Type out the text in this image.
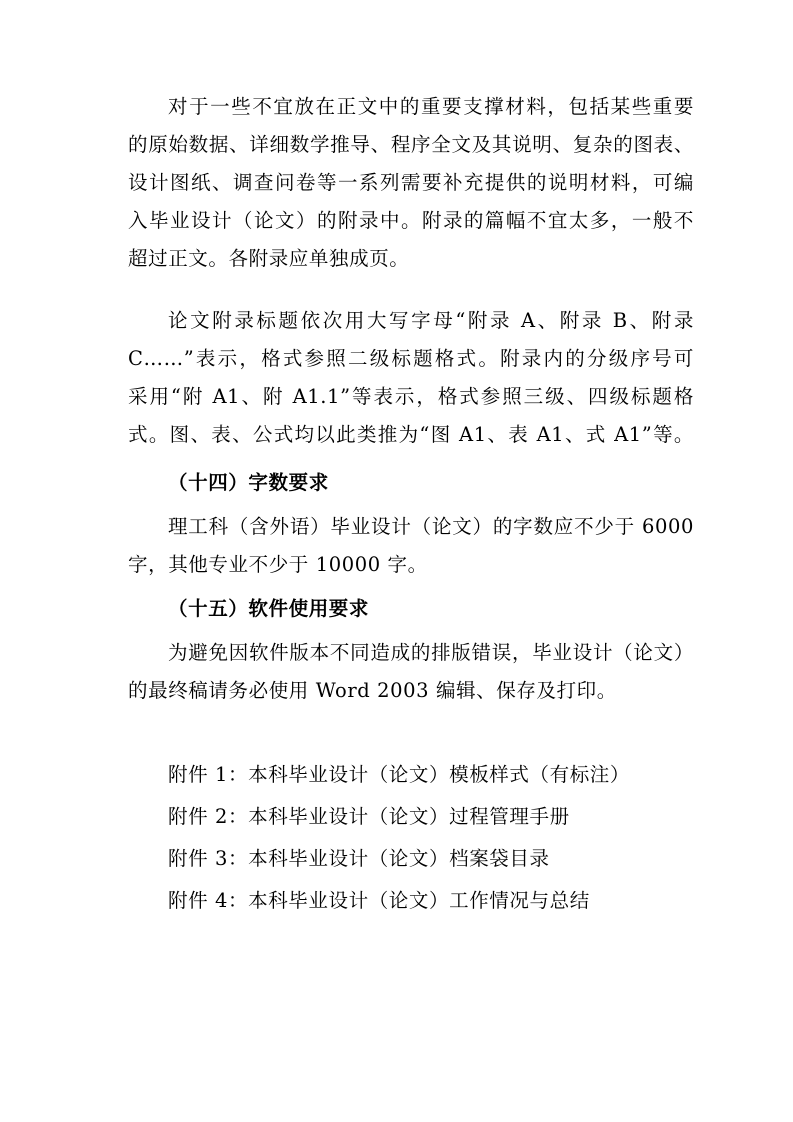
对于一些不宜放在正文中的重要支撑材料，包括某些重要
的原始数据、详细数学推导、程序全文及其说明、复杂的图表、
设计图纸、调查问卷等一系列需要补充提供的说明材料，可编
入毕业设计（论文）的附录中。附录的篇幅不宜太多，一般不
超过正文。各附录应单独成页。
论文附录标题依次用大写字母“附录 A、附录 B、附录
C……”表示，格式参照二级标题格式。附录内的分级序号可
采用“附 A1、附 A1.1”等表示，格式参照三级、四级标题格
式。图、表、公式均以此类推为“图 A1、表 A1、式 A1”等。
（十四）字数要求
理工科（含外语）毕业设计（论文）的字数应不少于 6000
字，其他专业不少于 10000 字。
（十五）软件使用要求
为避免因软件版本不同造成的排版错误，毕业设计（论文）
的最终稿请务必使用 Word 2003 编辑、保存及打印。
附件 1：本科毕业设计（论文）模板样式（有标注）
附件 2：本科毕业设计（论文）过程管理手册
附件 3：本科毕业设计（论文）档案袋目录
附件 4：本科毕业设计（论文）工作情况与总结
